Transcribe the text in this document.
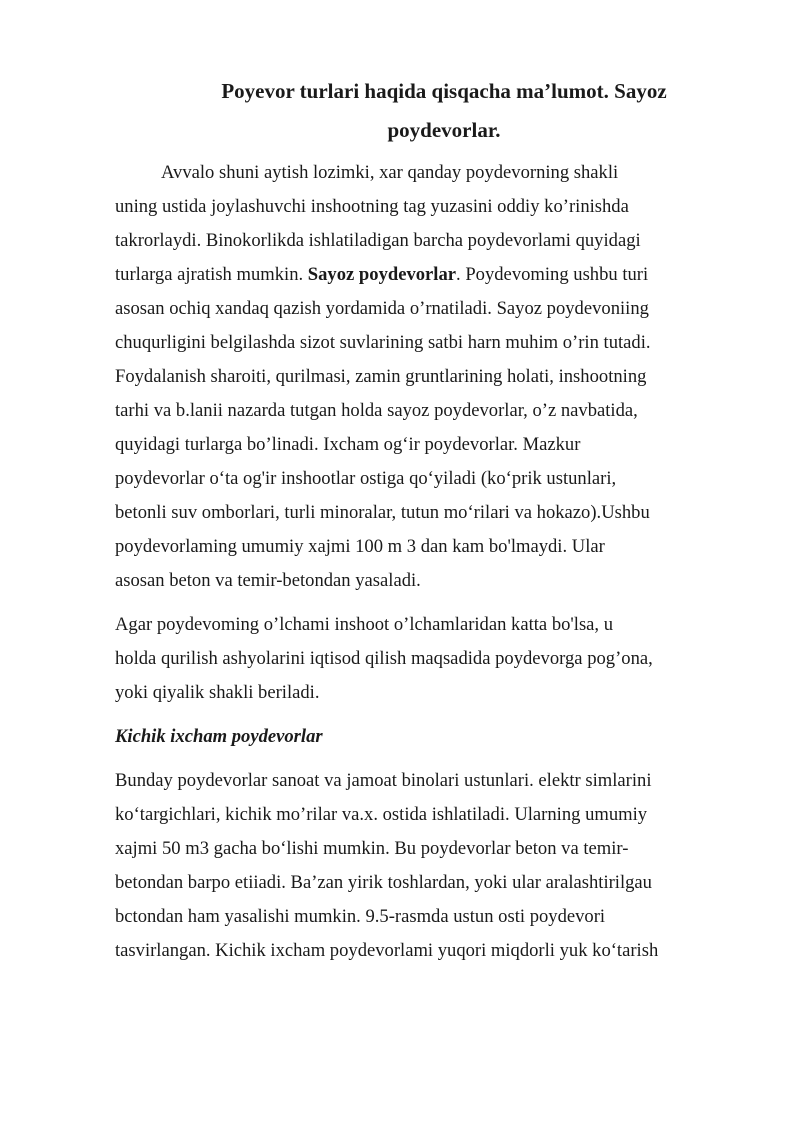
Poyevor turlari haqida qisqacha ma’lumot. Sayoz
poydevorlar.

Avvalo shuni aytish lozimki, xar qanday poydevorning shakli
uning ustida joylashuvchi inshootning tag yuzasini oddiy ko’rinishda
takrorlaydi. Binokorlikda ishlatiladigan barcha poydevorlami quyidagi
turlarga ajratish mumkin. Sayoz poydevorlar. Poydevoming ushbu turi
asosan ochiq xandaq qazish yordamida o’rnatiladi. Sayoz poydevoniing
chuqurligini belgilashda sizot suvlarining satbi harn muhim o’rin tutadi.
Foydalanish sharoiti, qurilmasi, zamin gruntlarining holati, inshootning
tarhi va b.lanii nazarda tutgan holda sayoz poydevorlar, o’z navbatida,
quyidagi turlarga bo’linadi. Ixcham og‘ir poydevorlar. Mazkur
poydevorlar o‘ta og'ir inshootlar ostiga qo‘yiladi (ko‘prik ustunlari,
betonli suv omborlari, turli minoralar, tutun mo‘rilari va hokazo).Ushbu
poydevorlaming umumiy xajmi 100 m 3 dan kam bo'lmaydi. Ular
asosan beton va temir-betondan yasaladi.

Agar poydevoming o’lchami inshoot o’lchamlaridan katta bo'lsa, u
holda qurilish ashyolarini iqtisod qilish maqsadida poydevorga pog’ona,
yoki qiyalik shakli beriladi.

Kichik ixcham poydevorlar

Bunday poydevorlar sanoat va jamoat binolari ustunlari. elektr simlarini
ko‘targichlari, kichik mo’rilar va.x. ostida ishlatiladi. Ularning umumiy
xajmi 50 m3 gacha bo‘lishi mumkin. Bu poydevorlar beton va temir-
betondan barpo etiiadi. Ba’zan yirik toshlardan, yoki ular aralashtirilgau
bctondan ham yasalishi mumkin. 9.5-rasmda ustun osti poydevori
tasvirlangan. Kichik ixcham poydevorlami yuqori miqdorli yuk ko‘tarish
